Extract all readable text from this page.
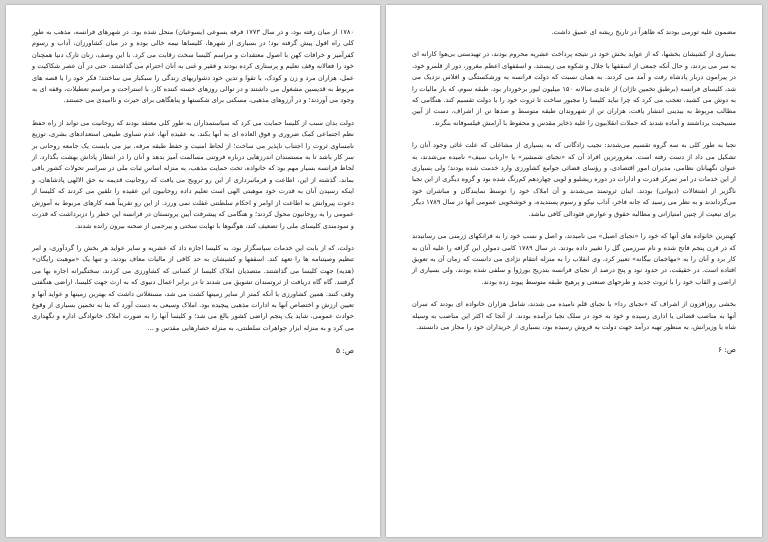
مضمون علیه تورمی بودند که ظاهراً در تاریخ ریشه ای عمیق داشت.

بسیاری از کشیشان بخشها، که از عواید بخش خود در نتیجه پرداخت عشریه محروم بودند، در تهیدستی بی‌هوا کارانه ای به سر می بردند، و حال آنکه جمعی از اسقفها با جلال و شکوه می زیستند، و اسقفهای اعظم مغرور، دور از قلمرو خود، در پیرامون دربار پادشاه رفت و آمد می کردند. به همان نسبت که دولت فرانسه به ورشکستگی و افلاس نزدیک می شد، کلیسای فرانسه (برطبق تخمین تاژان) از عایدی سالانه ۱۵۰ میلیون لیور برخوردار بود، طبقه سوم، که بار مالیات را به دوش می کشید، تعجب می کرد که چرا نباید کلیسا را مجبور ساخت تا ثروت خود را با دولت تقسیم کند. هنگامی که مطالب مربوط به بیدینی انتشار یافت، هزاران تن از شهروندان طبقه متوسط و صدها تن از اشراف، دست از آیین مسیحیت برداشتند و آماده شدند که حملات انقلابیون را علیه ذخایر مقدس و محفوظ با آرامش فیلسوفانه بنگرند.

نجبا به طور کلی به سه گروه تقسیم می‌شدند: نجیب زادگانی که به بسیاری از مشاغلی که علت غائی وجود آنان را تشکیل می داد از دست رفته است. مغرورترین افراد آن که «نجبای شمشیر» یا «ارباب سیف» نامیده می‌شدند، به عنوان نگهبانان نظامی، مدیران امور اقتصادی، و رؤسای قضائی جوامع کشاورزی وارد خدمت شده بودند؛ ولی بسیاری از این خدمات در امر تمرکز قدرت و ادارات در دوره ریشلیو و لویی چهاردهم کم‌رنگ شده بود و گروه دیگری از این نجبا ناگزیر از اشتغالات (دیوانی) بودند. اینان ثروتمند می‌شدند و آن املاک خود را توسط نمایندگان و مباشران خود می‌گرداندند و به نظر می رسید که جانه فاخر، آداب نیکو و رسوم پسندیده، و خوشخویی عمومی آنها در سال ۱۷۸۹ دیگر برای تبعیت از چنین امتیازاتی و مطالبه حقوق و عوارض فئودالی کافی نباشد.

کهنترین خانواده های آنها که خود را «نجبای اصیل» می نامیدند، و اصل و نسب خود را به فرانکهای ژرمنی می رسانیدند که در قرن پنجم فاتح شده و نام سرزمین گل را تغییر داده بودند. در سال ۱۷۸۹ کامی دمولن این گزافه را علیه آنان به کار برد و آنان را به «مهاجمان بیگانه» تعبیر کرد، وی انقلاب را به منزله انتقام نژادی می دانست که زمان آن به تعویق افتاده است. در حقیقت، در حدود نود و پنج درصد از نجبای فرانسه بتدریج بورژوا و سلفی شده بودند، ولی بسیاری از اراضی و القاب خود را با ثروت جدید و طرحهای صنعتی و پرهیج طبقه متوسط پیوند زده بودند.

بخشی روزافزون از اشراف که «نجبای ردا» یا نجبای قلم نامیده می شدند، شامل هزاران خانواده ای بودند که سران آنها به مناصب قضائی یا اداری رسیده و خود به خود در سلک نجبا درآمده بودند. از آنجا که اکثر این مناصب به وسیله شاه یا وزیرانش، به منظور تهیه درآمد جهت دولت به فروش رسیده بود، بسیاری از خریداران خود را مجاز می دانستند.

ص: ۶

۱۷۸۰ از میان رفته بود، و در سال ۱۷۷۳ فرقه یسوعی (یسوعیان) منحل شده بود. در شهرهای فرانسه، مذهب به طور کلی راه افول پیش گرفته بود؛ در بسیاری از شهرها، کلیساها نیمه خالی بوده و در میان کشاورزان، آداب و رسوم کفرآمیز و خرافات کهن با اصول معتقدات و مراسم کلیسا سخت رقابت می کرد. با این وصف، زنان تارک دنیا همچنان خود را فعالانه وقف تعلیم و پرستاری کرده بودند و فقیر و غنی به آنان احترام می گذاشتند. حتی در آن عصر شکاکیت و عمل، هزاران مرد و زن و کودک، با تقوا و تدین خود دشواریهای زندگی را سبکبار می ساختند؛ فکر خود را با قصه های مربوط به قدیسین مشغول می داشتند و در توالی روزهای خسته کننده کار، با استراحت و مراسم تعطیلات، وقفه ای به وجود می آوردند؛ و در آرزوهای مذهبی، مسکنی برای شکستها و پناهگاهی برای حیرت و ناامیدی می جستند.

دولت بدان سبب از کلیسا حمایت می کرد که سیاستمداران به طور کلی معتقد بودند که روحانیت می تواند از راه حفظ نظم اجتماعی کمک ضروری و فوق العاده ای به آنها بکند. به عقیده آنها، عدم تساوی طبیعی استعدادهای بشری، توزیع نامساوی ثروت را اجتناب ناپذیر می ساخت؛ از لحاظ امنیت و حفظ طبقه مرفه، نیز می بایست یک جامعه روحانی بر سر کار باشد تا به مستمندان اندرزهایی درباره فروتنی مسالمت آمیز بدهد و آنان را در انتظار پاداش بهشت بگذارد. از لحاظ فرانسه بسیار مهم بود که خانواده، تحت حمایت مذهب، به منزله اساس ثبات ملی در سراسر تحولات کشور باقی بماند. گذشته از این، اطاعت و فرمانبرداری از این رو ترویج می یافت که روحانیت قدیمه به حق الالهی پادشاهان، و اینکه رسیدن آنان به قدرت خود موهبتی الهی است تعلیم داده روحانیون این عقیده را تلقین می کردند که کلیسا از دعوت پیروانش به اطاعت از اوامر و احکام سلطنتی غفلت نمی ورزد. از این رو تقریباً همه کارهای مربوط به آموزش عمومی را به روحانیون محول کردند؛ و هنگامی که پیشرفت آیین پروتستان در فرانسه این خطر را دربرداشت که قدرت و سودمندی کلیسای ملی را تضعیف کند، هوگنوها با نهایت سختی و بیرحمی از صحنه بیرون رانده شدند.

دولت، که از بابت این خدمات سپاسگزار بود، به کلیسا اجازه داد که عشریه و سایر عواید هر بخش را گردآوری، و امر تنظیم وصیتنامه ها را تعهد کند. اسقفها و کشیشان به حد کافی از مالیات معاف بودند، و تنها یک «موهبت رایگان» (هدیه) جهت کلیسا می گذاشتند. متصدیان املاک کلیسا از کسانی که کشاورزی می کردند، سختگیرانه اجاره بها می گرفتند. گاه گاه دریافت از ثروتمندان تشویق می شدند تا در برابر اعمال دنیوی که به ارث جهت کلیسا، اراضی هنگفتی وقف کنند. همین کشاورزی با آنکه کمتر از سایر زمینها کشت می شد، مستغلاتی داشت که بهترین زمینها و عواید آنها و تعیین ارزش و اختصاص آنها به ادارات مذهبی پیچیده بود. املاک وسیعی به دست آورد که بنا به تخمین بسیاری از وقوع حوادث عمومی، شاید یک پنجم اراضی کشور بالغ می شد؛ و کلیسا آنها را به صورت املاک خانوادگی اداره و نگهداری می کرد و به منزله ابزار جواهرات سلطنتی، به منزله حصارهایی مقدس و ...

ص: ۵
